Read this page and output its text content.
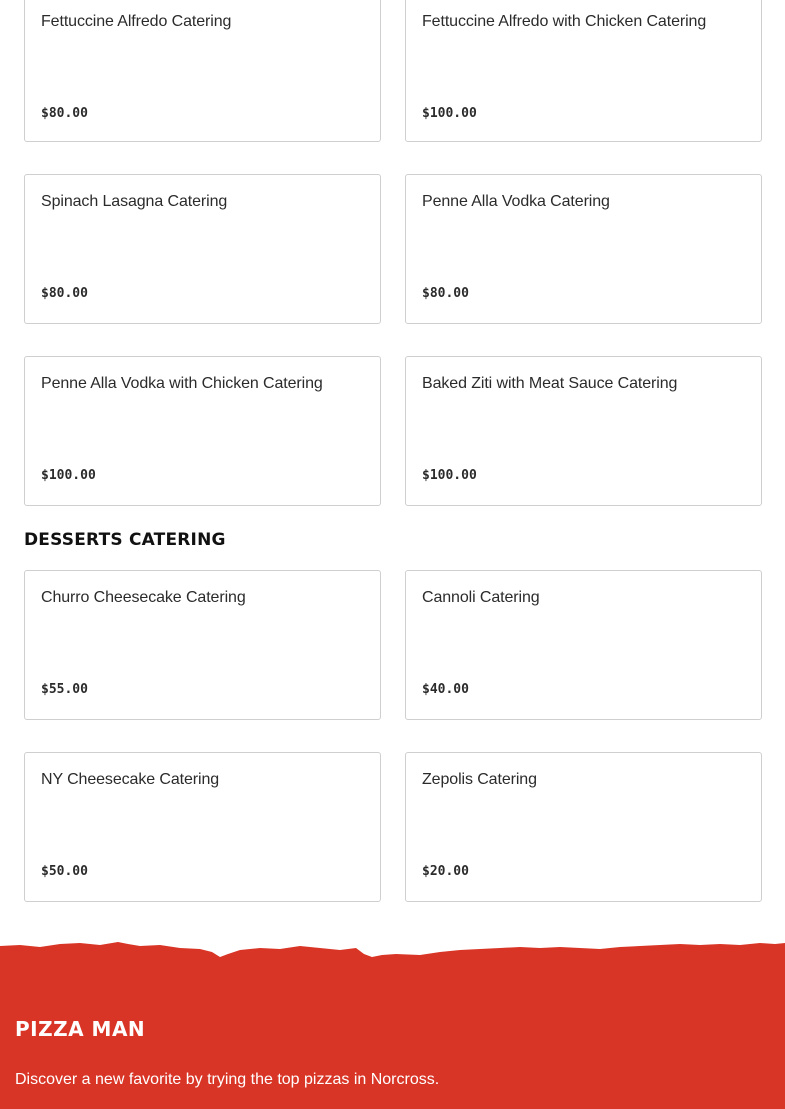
Fettuccine Alfredo Catering
$80.00
Fettuccine Alfredo with Chicken Catering
$100.00
Spinach Lasagna Catering
$80.00
Penne Alla Vodka Catering
$80.00
Penne Alla Vodka with Chicken Catering
$100.00
Baked Ziti with Meat Sauce Catering
$100.00
DESSERTS CATERING
Churro Cheesecake Catering
$55.00
Cannoli Catering
$40.00
NY Cheesecake Catering
$50.00
Zepolis Catering
$20.00
PIZZA MAN

Discover a new favorite by trying the top pizzas in Norcross.
